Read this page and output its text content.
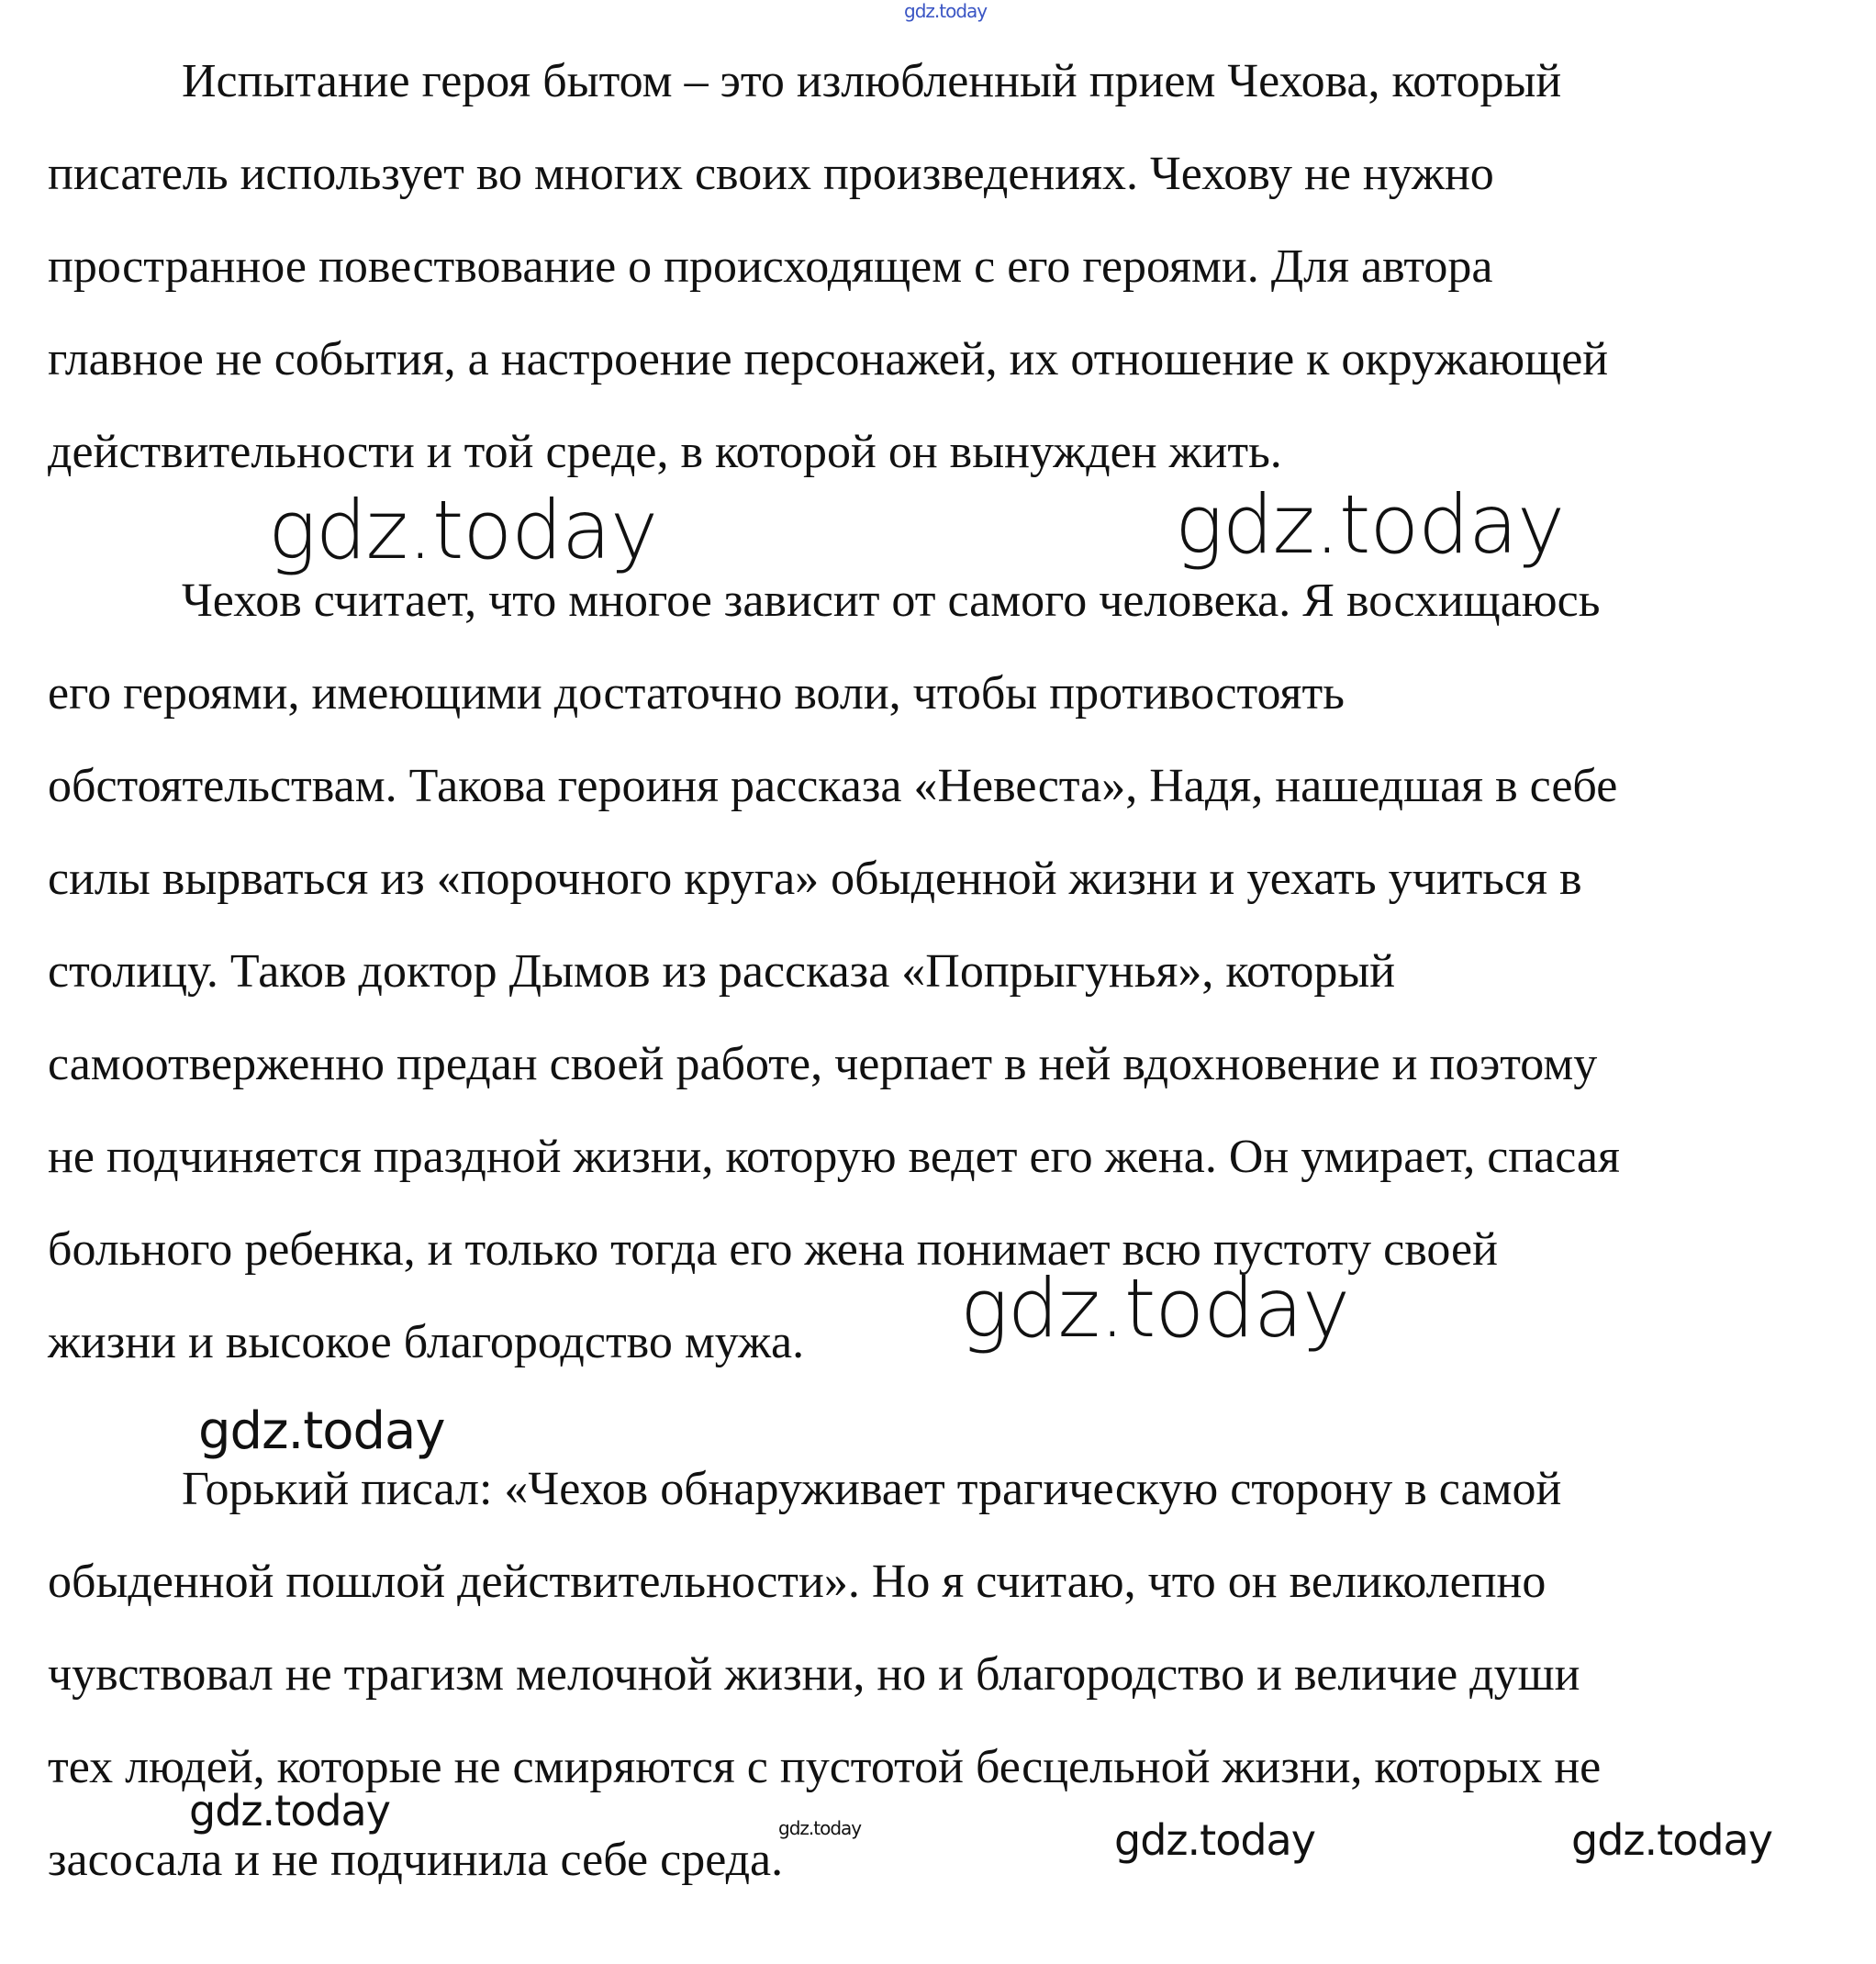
Испытание героя бытом – это излюбленный прием Чехова, который
писатель использует во многих своих произведениях. Чехову не нужно
пространное повествование о происходящем с его героями. Для автора
главное не события, а настроение персонажей, их отношение к окружающей
действительности и той среде, в которой он вынужден жить.

Чехов считает, что многое зависит от самого человека. Я восхищаюсь
его героями, имеющими достаточно воли, чтобы противостоять
обстоятельствам. Такова героиня рассказа «Невеста», Надя, нашедшая в себе
силы вырваться из «порочного круга» обыденной жизни и уехать учиться в
столицу. Таков доктор Дымов из рассказа «Попрыгунья», который
самоотверженно предан своей работе, черпает в ней вдохновение и поэтому
не подчиняется праздной жизни, которую ведет его жена. Он умирает, спасая
больного ребенка, и только тогда его жена понимает всю пустоту своей
жизни и высокое благородство мужа.

Горький писал: «Чехов обнаруживает трагическую сторону в самой
обыденной пошлой действительности». Но я считаю, что он великолепно
чувствовал не трагизм мелочной жизни, но и благородство и величие души
тех людей, которые не смиряются с пустотой бесцельной жизни, которых не
засосала и не подчинила себе среда.

gdz.today
gdz.today	gdz.today
gdz.today
gdz.today
gdz.today	gdz.today	gdz.today	gdz.today
